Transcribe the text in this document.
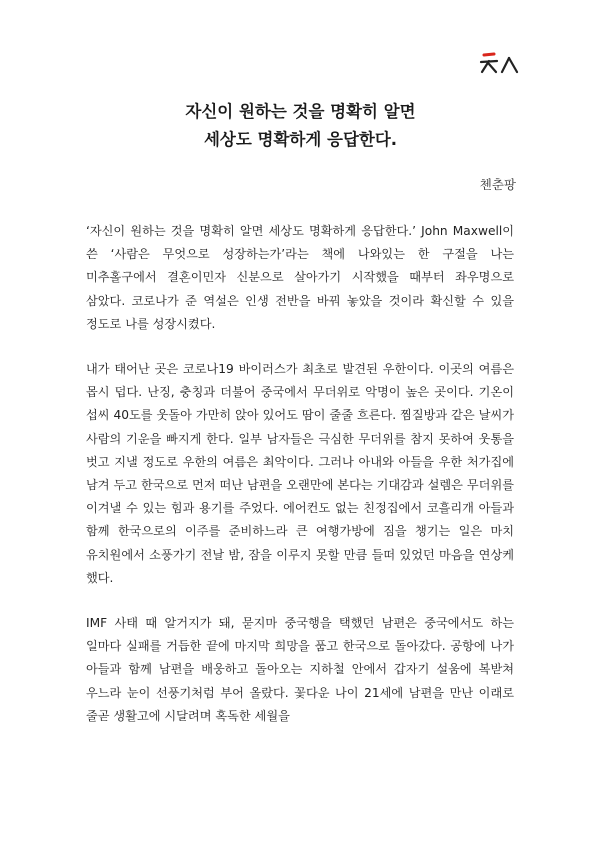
자신이 원하는 것을 명확히 알면
세상도 명확하게 응답한다.
첸춘팡

‘자신이 원하는 것을 명확히 알면 세상도 명확하게 응답한다.’ John Maxwell이 쓴 ‘사람은 무엇으로 성장하는가’라는 책에 나와있는 한 구절을 나는 미추홀구에서 결혼이민자 신분으로 살아가기 시작했을 때부터 좌우명으로 삼았다. 코로나가 준 역설은 인생 전반을 바꿔 놓았을 것이라 확신할 수 있을 정도로 나를 성장시켰다.

내가 태어난 곳은 코로나19 바이러스가 최초로 발견된 우한이다. 이곳의 여름은 몹시 덥다. 난징, 충칭과 더불어 중국에서 무더위로 악명이 높은 곳이다. 기온이 섭씨 40도를 웃돌아 가만히 앉아 있어도 땀이 줄줄 흐른다. 찜질방과 같은 날씨가 사람의 기운을 빠지게 한다. 일부 남자들은 극심한 무더위를 참지 못하여 웃통을 벗고 지낼 정도로 우한의 여름은 최악이다. 그러나 아내와 아들을 우한 처가집에 남겨 두고 한국으로 먼저 떠난 남편을 오랜만에 본다는 기대감과 설렘은 무더위를 이겨낼 수 있는 힘과 용기를 주었다. 에어컨도 없는 친정집에서 코흘리개 아들과 함께 한국으로의 이주를 준비하느라 큰 여행가방에 짐을 챙기는 일은 마치 유치원에서 소풍가기 전날 밤, 잠을 이루지 못할 만큼 들떠 있었던 마음을 연상케 했다.

IMF 사태 때 알거지가 돼, 묻지마 중국행을 택했던 남편은 중국에서도 하는 일마다 실패를 거듭한 끝에 마지막 희망을 품고 한국으로 돌아갔다. 공항에 나가 아들과 함께 남편을 배웅하고 돌아오는 지하철 안에서 갑자기 설움에 복받쳐 우느라 눈이 선풍기처럼 부어 올랐다. 꽃다운 나이 21세에 남편을 만난 이래로 줄곧 생활고에 시달려며 혹독한 세월을
